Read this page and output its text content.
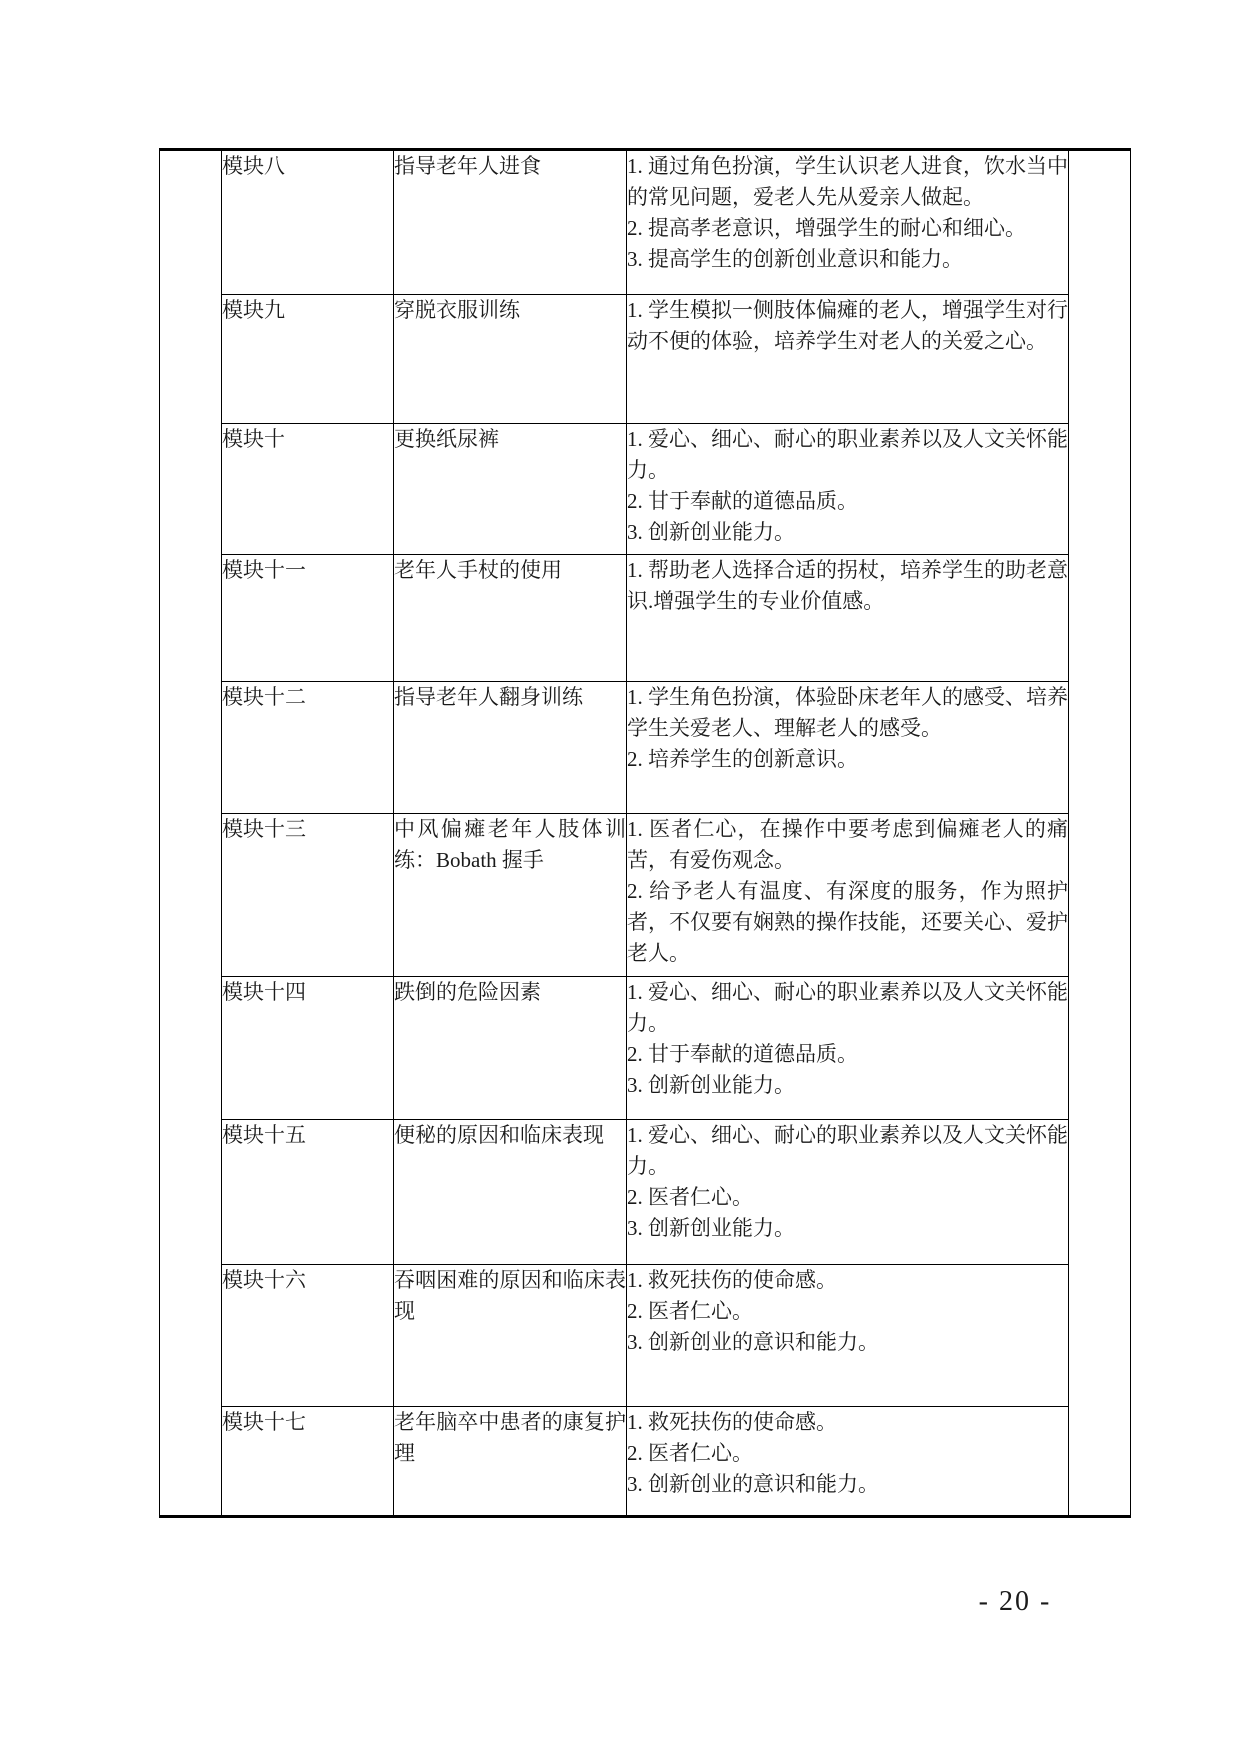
	模块八	指导老年人进食	1. 通过角色扮演，学生认识老人进食，饮水当中的常见问题，爱老人先从爱亲人做起。
2. 提高孝老意识，增强学生的耐心和细心。
3. 提高学生的创新创业意识和能力。	

	模块九	穿脱衣服训练	1. 学生模拟一侧肢体偏瘫的老人，增强学生对行动不便的体验，培养学生对老人的关爱之心。	

	模块十	更换纸尿裤	1. 爱心、细心、耐心的职业素养以及人文关怀能力。
2. 甘于奉献的道德品质。
3. 创新创业能力。	

	模块十一	老年人手杖的使用	1. 帮助老人选择合适的拐杖，培养学生的助老意识.增强学生的专业价值感。	

	模块十二	指导老年人翻身训练	1. 学生角色扮演，体验卧床老年人的感受、培养学生关爱老人、理解老人的感受。
2. 培养学生的创新意识。	

	模块十三	中风偏瘫老年人肢体训练：Bobath 握手	1. 医者仁心，在操作中要考虑到偏瘫老人的痛苦，有爱伤观念。
2. 给予老人有温度、有深度的服务，作为照护者，不仅要有娴熟的操作技能，还要关心、爱护老人。	

	模块十四	跌倒的危险因素	1. 爱心、细心、耐心的职业素养以及人文关怀能力。
2. 甘于奉献的道德品质。
3. 创新创业能力。	

	模块十五	便秘的原因和临床表现	1. 爱心、细心、耐心的职业素养以及人文关怀能力。
2. 医者仁心。
3. 创新创业能力。	

	模块十六	吞咽困难的原因和临床表现	1. 救死扶伤的使命感。
2. 医者仁心。
3. 创新创业的意识和能力。	

	模块十七	老年脑卒中患者的康复护理	1. 救死扶伤的使命感。
2. 医者仁心。
3. 创新创业的意识和能力。	
- 20 -
